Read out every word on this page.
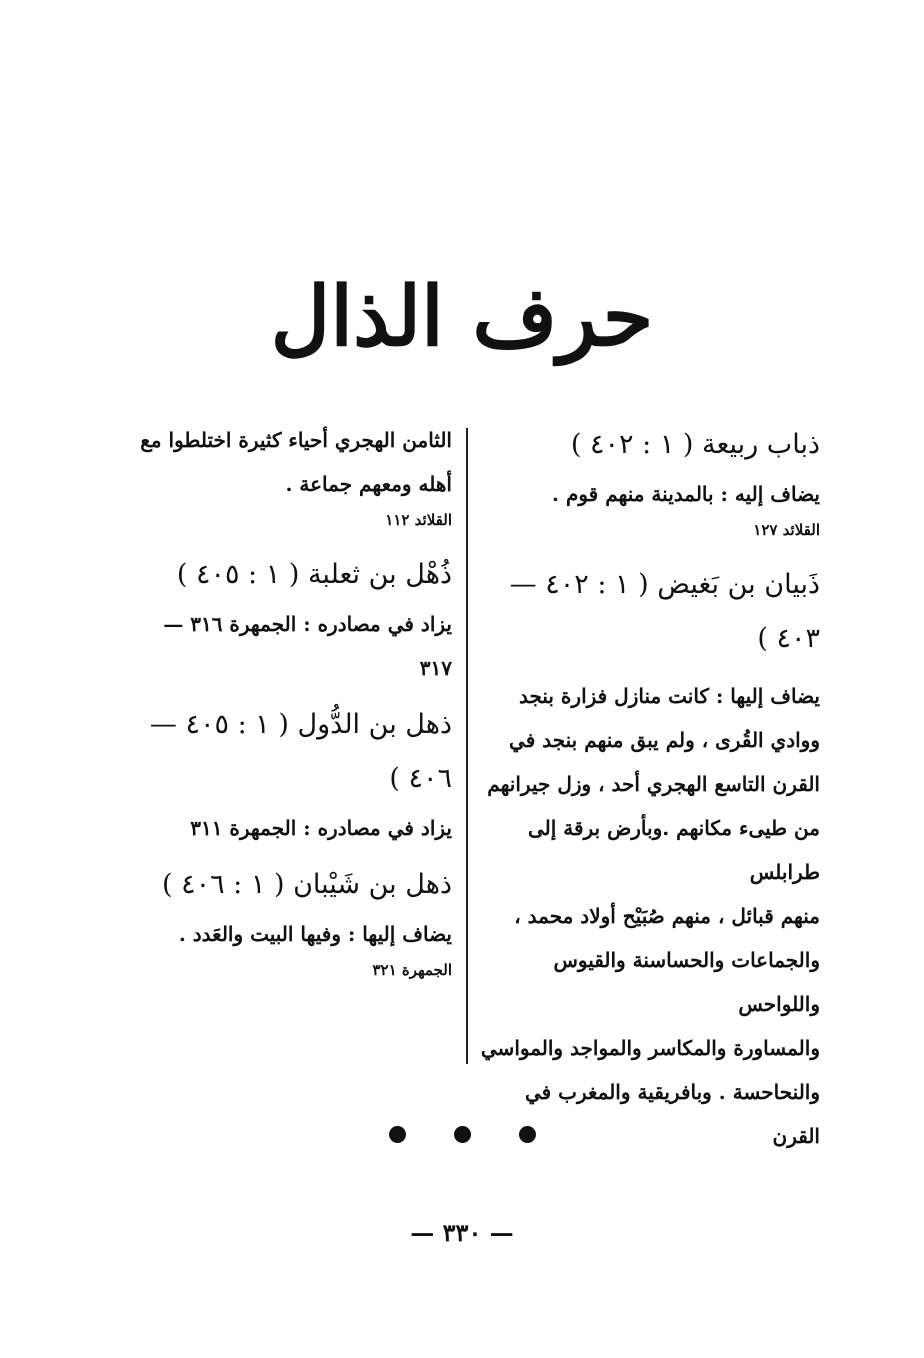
حرف الذال

ذباب ربيعة ( ١ : ٤٠٢ )

يضاف إليه : بالمدينة منهم قوم .

القلائد ١٢٧

ذَبيان بن بَغيض ( ١ : ٤٠٢ —

٤٠٣ )

يضاف إليها : كانت منازل فزارة بنجد

ووادي القُرى ، ولم يبق منهم بنجد في

القرن التاسع الهجري أحد ، وزل جيرانهم

من طيىء مكانهم .وبأرض برقة إلى طرابلس

منهم قبائل ، منهم صُبَيْح أولاد محمد ،

والجماعات والحساسنة والقيوس واللواحس

والمساورة والمكاسر والمواجد والمواسي

والنحاحسة . وبافريقية والمغرب في القرن

الثامن الهجري أحياء كثيرة اختلطوا مع

أهله ومعهم جماعة .

القلائد ١١٢

ذُهْل بن ثعلبة ( ١ : ٤٠٥ )

يزاد في مصادره : الجمهرة ٣١٦ —

٣١٧

ذهل بن الدُّول ( ١ : ٤٠٥ —

٤٠٦ )

يزاد في مصادره : الجمهرة ٣١١

ذهل بن شَيْبان ( ١ : ٤٠٦ )

يضاف إليها : وفيها البيت والعَدد .

الجمهرة ٣٢١

— ٣٣٠ —
